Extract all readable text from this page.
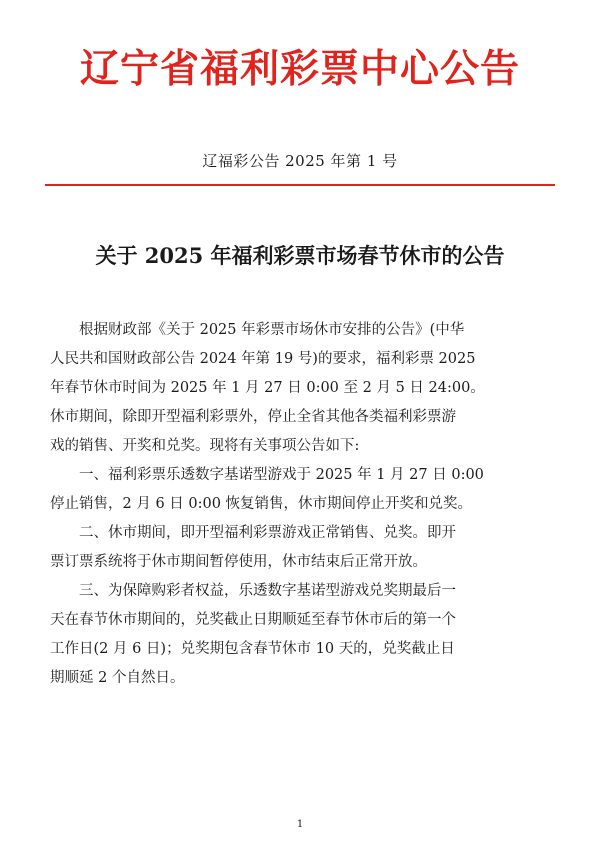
辽宁省福利彩票中心公告
辽福彩公告 2025 年第 1 号
关于 2025 年福利彩票市场春节休市的公告

根据财政部《关于 2025 年彩票市场休市安排的公告》(中华
人民共和国财政部公告 2024 年第 19 号)的要求，福利彩票 2025
年春节休市时间为 2025 年 1 月 27 日 0:00 至 2 月 5 日 24:00。
休市期间，除即开型福利彩票外，停止全省其他各类福利彩票游
戏的销售、开奖和兑奖。现将有关事项公告如下:

一、福利彩票乐透数字基诺型游戏于 2025 年 1 月 27 日 0:00
停止销售，2 月 6 日 0:00 恢复销售，休市期间停止开奖和兑奖。

二、休市期间，即开型福利彩票游戏正常销售、兑奖。即开
票订票系统将于休市期间暂停使用，休市结束后正常开放。

三、为保障购彩者权益，乐透数字基诺型游戏兑奖期最后一
天在春节休市期间的，兑奖截止日期顺延至春节休市后的第一个
工作日(2 月 6 日)；兑奖期包含春节休市 10 天的，兑奖截止日
期顺延 2 个自然日。

1
